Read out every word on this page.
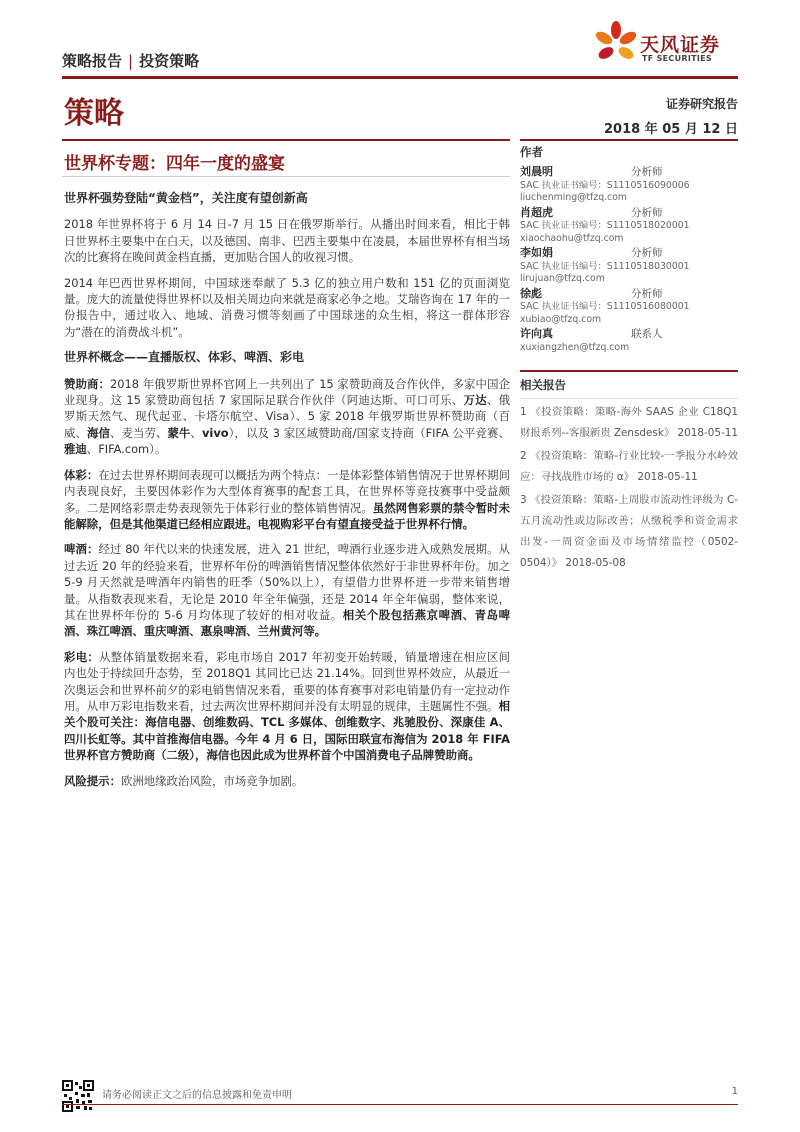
策略报告 | 投资策略
天风证券
TF SECURITIES
策略	证券研究报告
2018 年 05 月 12 日
世界杯专题：四年一度的盛宴

世界杯强势登陆“黄金档”，关注度有望创新高

2018 年世界杯将于 6 月 14 日-7 月 15 日在俄罗斯举行。从播出时间来看，相比于韩日世界杯主要集中在白天，以及德国、南非、巴西主要集中在凌晨，本届世界杯有相当场次的比赛将在晚间黄金档直播，更加贴合国人的收视习惯。

2014 年巴西世界杯期间，中国球迷奉献了 5.3 亿的独立用户数和 151 亿的页面浏览量。庞大的流量使得世界杯以及相关周边向来就是商家必争之地。艾瑞咨询在 17 年的一份报告中，通过收入、地域、消费习惯等刻画了中国球迷的众生相，将这一群体形容为“潜在的消费战斗机”。

世界杯概念——直播版权、体彩、啤酒、彩电

赞助商：2018 年俄罗斯世界杯官网上一共列出了 15 家赞助商及合作伙伴，多家中国企业现身。这 15 家赞助商包括 7 家国际足联合作伙伴（阿迪达斯、可口可乐、万达、俄罗斯天然气、现代起亚、卡塔尔航空、Visa）、5 家 2018 年俄罗斯世界杯赞助商（百威、海信、麦当劳、蒙牛、vivo），以及 3 家区域赞助商/国家支持商（FIFA 公平竞赛、雅迪、FIFA.com）。

体彩：在过去世界杯期间表现可以概括为两个特点：一是体彩整体销售情况于世界杯期间内表现良好，主要因体彩作为大型体育赛事的配套工具，在世界杯等竞技赛事中受益颇多。二是网络彩票走势表现领先于体彩行业的整体销售情况。虽然网售彩票的禁令暂时未能解除，但是其他渠道已经相应跟进。电视购彩平台有望直接受益于世界杯行情。

啤酒：经过 80 年代以来的快速发展，进入 21 世纪，啤酒行业逐步进入成熟发展期。从过去近 20 年的经验来看，世界杯年份的啤酒销售情况整体依然好于非世界杯年份。加之 5-9 月天然就是啤酒年内销售的旺季（50%以上），有望借力世界杯进一步带来销售增量。从指数表现来看，无论是 2010 年全年偏强，还是 2014 年全年偏弱，整体来说，其在世界杯年份的 5-6 月均体现了较好的相对收益。相关个股包括燕京啤酒、青岛啤酒、珠江啤酒、重庆啤酒、惠泉啤酒、兰州黄河等。

彩电：从整体销量数据来看，彩电市场自 2017 年初变开始转暖，销量增速在相应区间内也处于持续回升态势，至 2018Q1 其同比已达 21.14%。回到世界杯效应，从最近一次奥运会和世界杯前夕的彩电销售情况来看，重要的体育赛事对彩电销量仍有一定拉动作用。从申万彩电指数来看，过去两次世界杯期间并没有太明显的规律，主题属性不强。相关个股可关注：海信电器、创维数码、TCL 多媒体、创维数字、兆驰股份、深康佳 A、四川长虹等。其中首推海信电器。今年 4 月 6 日，国际田联宣布海信为 2018 年 FIFA 世界杯官方赞助商（二级），海信也因此成为世界杯首个中国消费电子品牌赞助商。

风险提示：欧洲地缘政治风险，市场竞争加剧。

作者
刘晨明	分析师
SAC 执业证书编号：S1110516090006
liuchenming@tfzq.com
肖超虎	分析师
SAC 执业证书编号：S1110518020001
xiaochaohu@tfzq.com
李如娟	分析师
SAC 执业证书编号：S1110518030001
lirujuan@tfzq.com
徐彪	分析师
SAC 执业证书编号：S1110516080001
xubiao@tfzq.com
许向真	联系人
xuxiangzhen@tfzq.com
相关报告
1 《投资策略：策略-海外 SAAS 企业 C18Q1 财报系列--客服新贵 Zensdesk》 2018-05-11
2 《投资策略：策略-行业比较-一季报分水岭效应：寻找战胜市场的 α》 2018-05-11
3 《投资策略：策略-上周股市流动性评级为 C-五月流动性或边际改善；从缴税季和资金需求出发-一周资金面及市场情绪监控（0502-0504）》 2018-05-08
请务必阅读正文之后的信息披露和免责申明	1
